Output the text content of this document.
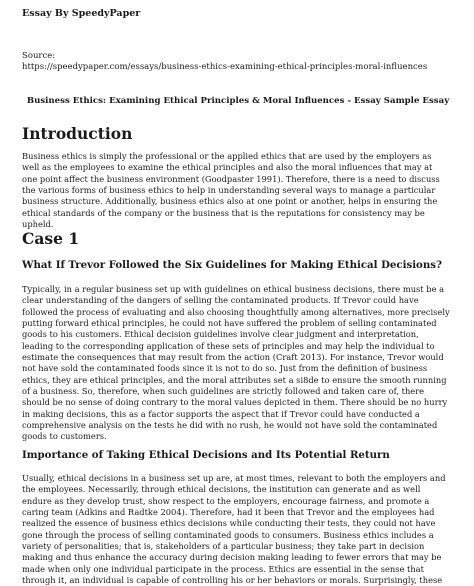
Essay By SpeedyPaper
Source:
https://speedypaper.com/essays/business-ethics-examining-ethical-principles-moral-influences
Business Ethics: Examining Ethical Principles & Moral Influences - Essay Sample Essay
Introduction
Business ethics is simply the professional or the applied ethics that are used by the employers as
well as the employees to examine the ethical principles and also the moral influences that may at
one point affect the business environment (Goodpaster 1991). Therefore, there is a need to discuss
the various forms of business ethics to help in understanding several ways to manage a particular
business structure. Additionally, business ethics also at one point or another, helps in ensuring the
ethical standards of the company or the business that is the reputations for consistency may be
upheld.
Case 1
What If Trevor Followed the Six Guidelines for Making Ethical Decisions?
Typically, in a regular business set up with guidelines on ethical business decisions, there must be a
clear understanding of the dangers of selling the contaminated products. If Trevor could have
followed the process of evaluating and also choosing thoughtfully among alternatives, more precisely
putting forward ethical principles, he could not have suffered the problem of selling contaminated
goods to his customers. Ethical decision guidelines involve clear judgment and interpretation,
leading to the corresponding application of these sets of principles and may help the individual to
estimate the consequences that may result from the action (Craft 2013). For instance, Trevor would
not have sold the contaminated foods since it is not to do so. Just from the definition of business
ethics, they are ethical principles, and the moral attributes set a si8de to ensure the smooth running
of a business. So, therefore, when such guidelines are strictly followed and taken care of, there
should be no sense of doing contrary to the moral values depicted in them. There should be no hurry
in making decisions, this as a factor supports the aspect that if Trevor could have conducted a
comprehensive analysis on the tests he did with no rush, he would not have sold the contaminated
goods to customers.
Importance of Taking Ethical Decisions and Its Potential Return
Usually, ethical decisions in a business set up are, at most times, relevant to both the employers and
the employees. Necessarily, through ethical decisions, the institution can generate and as well
endure as they develop trust, show respect to the employers, encourage fairness, and promote a
caring team (Adkins and Radtke 2004). Therefore, had it been that Trevor and the employees had
realized the essence of business ethics decisions while conducting their tests, they could not have
gone through the process of selling contaminated goods to consumers. Business ethics includes a
variety of personalities; that is, stakeholders of a particular business; they take part in decision
making and thus enhance the accuracy during decision making leading to fewer errors that may be
made when only one individual participate in the process. Ethics are essential in the sense that
through it, an individual is capable of controlling his or her behaviors or morals. Surprisingly, these
